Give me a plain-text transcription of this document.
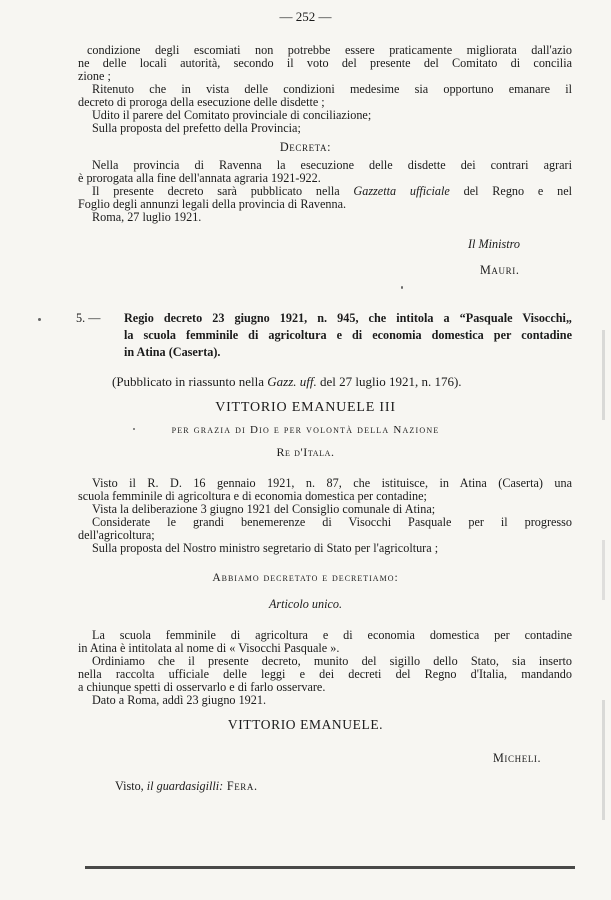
— 252 —
condizione degli escomiati non potrebbe essere praticamente migliorata dall'azio
ne delle locali autorità, secondo il voto del presente del Comitato di concilia
zione ;
Ritenuto che in vista delle condizioni medesime sia opportuno emanare il
decreto di proroga della esecuzione delle disdette ;
Udito il parere del Comitato provinciale di conciliazione;
Sulla proposta del prefetto della Provincia;
Decreta:
Nella provincia di Ravenna la esecuzione delle disdette dei contrari agrari
è prorogata alla fine dell'annata agraria 1921-922.
Il presente decreto sarà pubblicato nella Gazzetta ufficiale del Regno e nel
Foglio degli annunzi legali della provincia di Ravenna.
Roma, 27 luglio 1921.
Il Ministro
Mauri.
5. — Regio decreto 23 giugno 1921, n. 945, che intitola a “Pasquale Visocchi„
la scuola femminile di agricoltura e di economia domestica per contadine
in Atina (Caserta).
(Pubblicato in riassunto nella Gazz. uff. del 27 luglio 1921, n. 176).
VITTORIO EMANUELE III
per grazia di Dio e per volontà della Nazione
Re d'Itala.
Visto il R. D. 16 gennaio 1921, n. 87, che istituisce, in Atina (Caserta) una
scuola femminile di agricoltura e di economia domestica per contadine;
Vista la deliberazione 3 giugno 1921 del Consiglio comunale di Atina;
Considerate le grandi benemerenze di Visocchi Pasquale per il progresso
dell'agricoltura;
Sulla proposta del Nostro ministro segretario di Stato per l'agricoltura ;
Abbiamo decretato e decretiamo:
Articolo unico.
La scuola femminile di agricoltura e di economia domestica per contadine
in Atina è intitolata al nome di « Visocchi Pasquale ».
Ordiniamo che il presente decreto, munito del sigillo dello Stato, sia inserto
nella raccolta ufficiale delle leggi e dei decreti del Regno d'Italia, mandando
a chiunque spetti di osservarlo e di farlo osservare.
Dato a Roma, addì 23 giugno 1921.
VITTORIO EMANUELE.
Micheli.
Visto, il guardasigilli: Fera.
